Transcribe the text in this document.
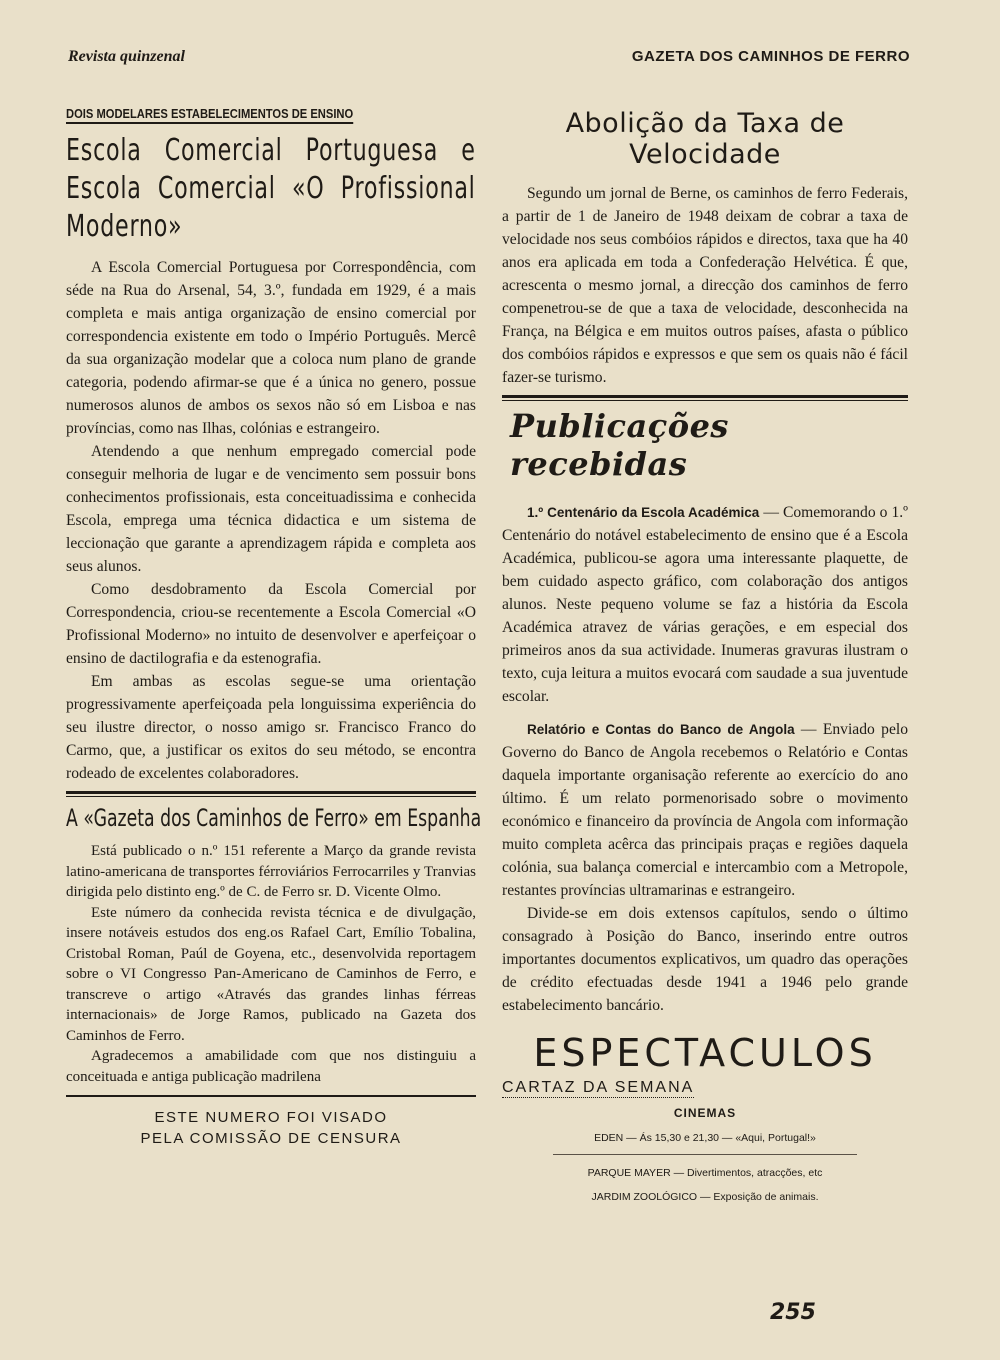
Revista quinzenal	GAZETA DOS CAMINHOS DE FERRO
DOIS MODELARES ESTABELECIMENTOS DE ENSINO
Escola Comercial Portuguesa e Escola Comercial «O Profissional Moderno»

A Escola Comercial Portuguesa por Correspondência, com séde na Rua do Arsenal, 54, 3.º, fundada em 1929, é a mais completa e mais antiga organização de ensino comercial por correspondencia existente em todo o Império Português. Mercê da sua organização modelar que a coloca num plano de grande categoria, podendo afirmar-se que é a única no genero, possue numerosos alunos de ambos os sexos não só em Lisboa e nas províncias, como nas Ilhas, colónias e estrangeiro.

Atendendo a que nenhum empregado comercial pode conseguir melhoria de lugar e de vencimento sem possuir bons conhecimentos profissionais, esta conceituadissima e conhecida Escola, emprega uma técnica didactica e um sistema de leccionação que garante a aprendizagem rápida e completa aos seus alunos.

Como desdobramento da Escola Comercial por Correspondencia, criou-se recentemente a Escola Comercial «O Profissional Moderno» no intuito de desenvolver e aperfeiçoar o ensino de dactilografia e da estenografia.

Em ambas as escolas segue-se uma orientação progressivamente aperfeiçoada pela longuissima experiência do seu ilustre director, o nosso amigo sr. Francisco Franco do Carmo, que, a justificar os exitos do seu método, se encontra rodeado de excelentes colaboradores.

A «Gazeta dos Caminhos de Ferro» em Espanha

Está publicado o n.º 151 referente a Março da grande revista latino-americana de transportes férroviários Ferrocarriles y Tranvias dirigida pelo distinto eng.º de C. de Ferro sr. D. Vicente Olmo.

Este número da conhecida revista técnica e de divulgação, insere notáveis estudos dos eng.os Rafael Cart, Emílio Tobalina, Cristobal Roman, Paúl de Goyena, etc., desenvolvida reportagem sobre o VI Congresso Pan-Americano de Caminhos de Ferro, e transcreve o artigo «Através das grandes linhas férreas internacionais» de Jorge Ramos, publicado na Gazeta dos Caminhos de Ferro.

Agradecemos a amabilidade com que nos distinguiu a conceituada e antiga publicação madrilena

ESTE NUMERO FOI VISADO
PELA COMISSÃO DE CENSURA
Abolição da Taxa de Velocidade

Segundo um jornal de Berne, os caminhos de ferro Federais, a partir de 1 de Janeiro de 1948 deixam de cobrar a taxa de velocidade nos seus combóios rápidos e directos, taxa que ha 40 anos era aplicada em toda a Confederação Helvética. É que, acrescenta o mesmo jornal, a direcção dos caminhos de ferro compenetrou-se de que a taxa de velocidade, desconhecida na França, na Bélgica e em muitos outros países, afasta o público dos combóios rápidos e expressos e que sem os quais não é fácil fazer-se turismo.

Publicações recebidas

1.º Centenário da Escola Académica — Comemorando o 1.º Centenário do notável estabelecimento de ensino que é a Escola Académica, publicou-se agora uma interessante plaquette, de bem cuidado aspecto gráfico, com colaboração dos antigos alunos. Neste pequeno volume se faz a história da Escola Académica atravez de várias gerações, e em especial dos primeiros anos da sua actividade. Inumeras gravuras ilustram o texto, cuja leitura a muitos evocará com saudade a sua juventude escolar.

Relatório e Contas do Banco de Angola — Enviado pelo Governo do Banco de Angola recebemos o Relatório e Contas daquela importante organisação referente ao exercício do ano último. É um relato pormenorisado sobre o movimento económico e financeiro da província de Angola com informação muito completa acêrca das principais praças e regiões daquela colónia, sua balança comercial e intercambio com a Metropole, restantes províncias ultramarinas e estrangeiro.

Divide-se em dois extensos capítulos, sendo o último consagrado à Posição do Banco, inserindo entre outros importantes documentos explicativos, um quadro das operações de crédito efectuadas desde 1941 a 1946 pelo grande estabelecimento bancário.

ESPECTACULOS
CARTAZ DA SEMANA
CINEMAS
EDEN — Ás 15,30 e 21,30 — «Aqui, Portugal!»
PARQUE MAYER — Divertimentos, atracções, etc
JARDIM ZOOLÓGICO — Exposição de animais.
255
